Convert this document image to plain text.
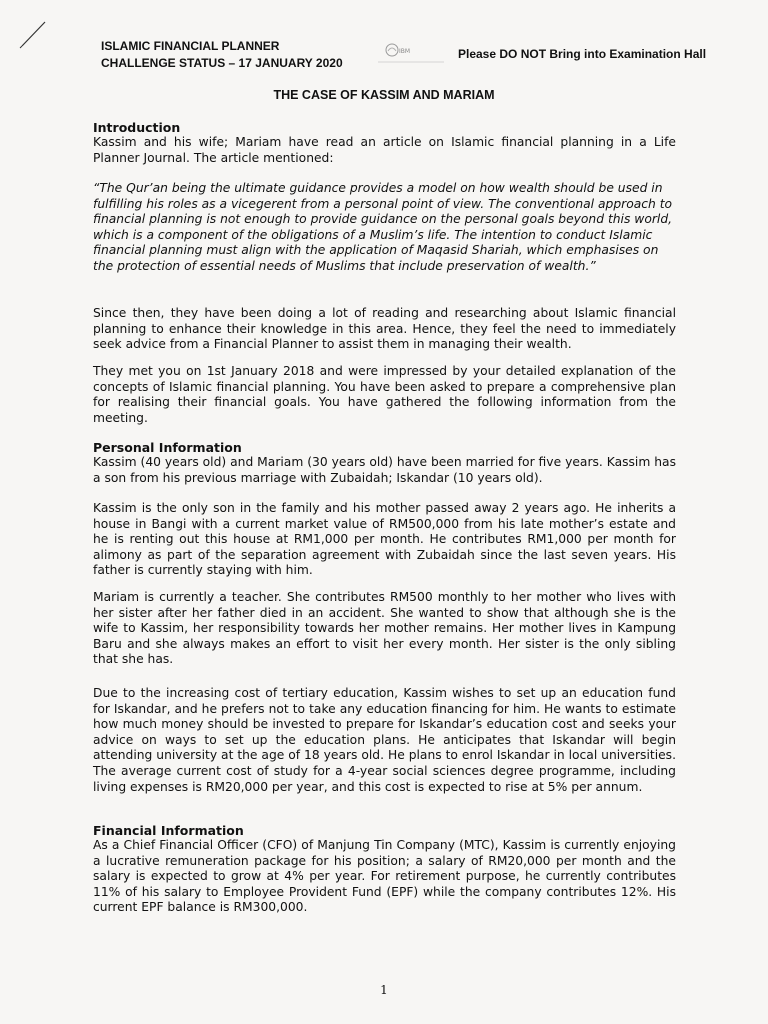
ISLAMIC FINANCIAL PLANNER
CHALLENGE STATUS – 17 JANUARY 2020
IBM	Please DO NOT Bring into Examination Hall
THE CASE OF KASSIM AND MARIAM
Introduction

Kassim and his wife; Mariam have read an article on Islamic financial planning in a Life Planner Journal. The article mentioned:

“The Qur’an being the ultimate guidance provides a model on how wealth should be used in fulfilling his roles as a vicegerent from a personal point of view. The conventional approach to financial planning is not enough to provide guidance on the personal goals beyond this world, which is a component of the obligations of a Muslim’s life. The intention to conduct Islamic financial planning must align with the application of Maqasid Shariah, which emphasises on the protection of essential needs of Muslims that include preservation of wealth.”

Since then, they have been doing a lot of reading and researching about Islamic financial planning to enhance their knowledge in this area. Hence, they feel the need to immediately seek advice from a Financial Planner to assist them in managing their wealth.

They met you on 1st January 2018 and were impressed by your detailed explanation of the concepts of Islamic financial planning. You have been asked to prepare a comprehensive plan for realising their financial goals. You have gathered the following information from the meeting.

Personal Information

Kassim (40 years old) and Mariam (30 years old) have been married for five years. Kassim has a son from his previous marriage with Zubaidah; Iskandar (10 years old).

Kassim is the only son in the family and his mother passed away 2 years ago. He inherits a house in Bangi with a current market value of RM500,000 from his late mother’s estate and he is renting out this house at RM1,000 per month. He contributes RM1,000 per month for alimony as part of the separation agreement with Zubaidah since the last seven years. His father is currently staying with him.

Mariam is currently a teacher. She contributes RM500 monthly to her mother who lives with her sister after her father died in an accident. She wanted to show that although she is the wife to Kassim, her responsibility towards her mother remains. Her mother lives in Kampung Baru and she always makes an effort to visit her every month. Her sister is the only sibling that she has.

Due to the increasing cost of tertiary education, Kassim wishes to set up an education fund for Iskandar, and he prefers not to take any education financing for him. He wants to estimate how much money should be invested to prepare for Iskandar’s education cost and seeks your advice on ways to set up the education plans. He anticipates that Iskandar will begin attending university at the age of 18 years old. He plans to enrol Iskandar in local universities. The average current cost of study for a 4-year social sciences degree programme, including living expenses is RM20,000 per year, and this cost is expected to rise at 5% per annum.

Financial Information

As a Chief Financial Officer (CFO) of Manjung Tin Company (MTC), Kassim is currently enjoying a lucrative remuneration package for his position; a salary of RM20,000 per month and the salary is expected to grow at 4% per year. For retirement purpose, he currently contributes 11% of his salary to Employee Provident Fund (EPF) while the company contributes 12%. His current EPF balance is RM300,000.

1
